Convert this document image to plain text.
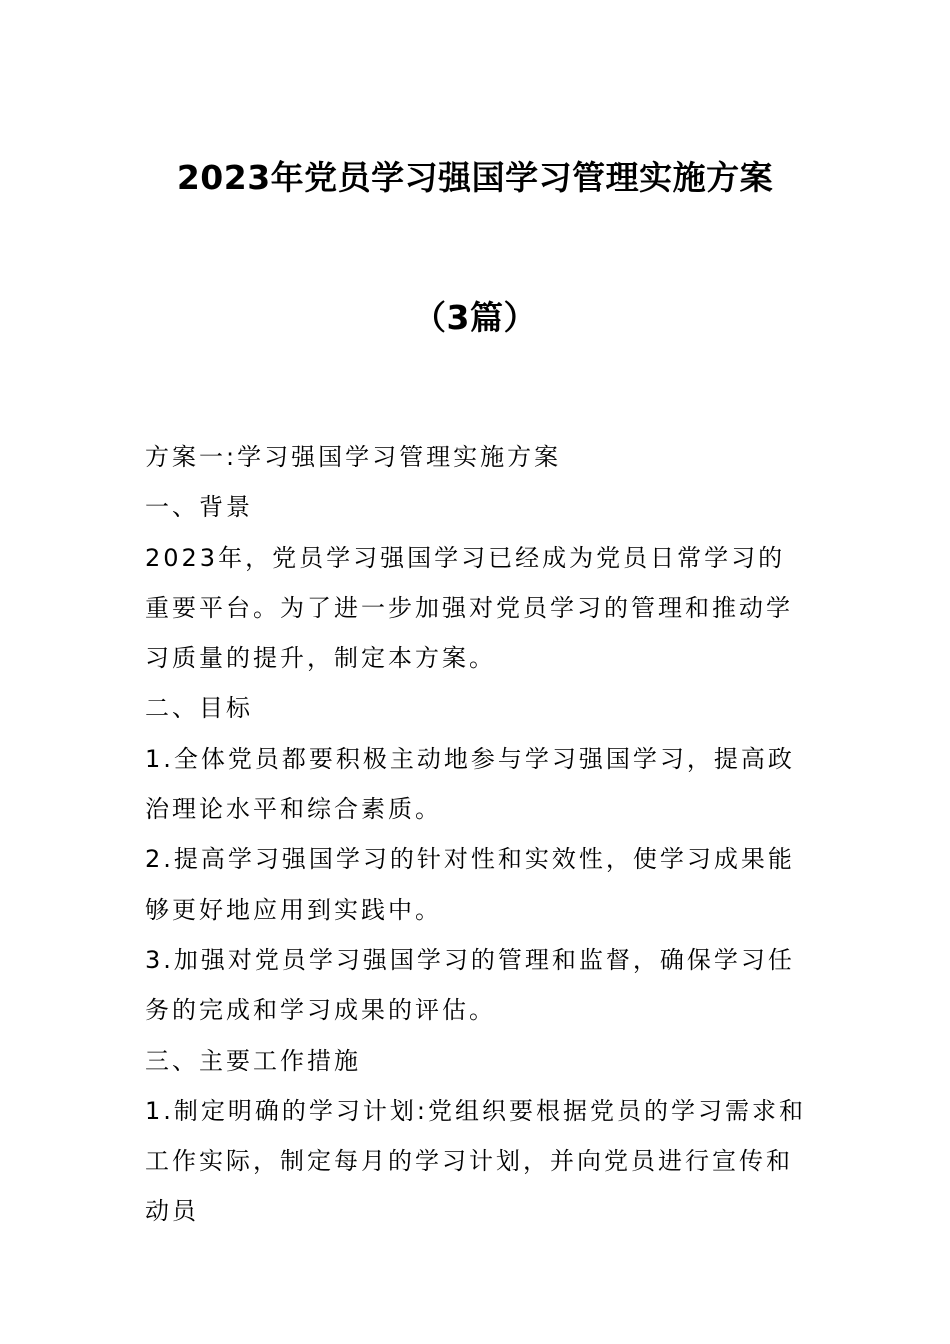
2023年党员学习强国学习管理实施方案
（3篇）

方案一:学习强国学习管理实施方案

一、背景

2023年，党员学习强国学习已经成为党员日常学习的重要平台。为了进一步加强对党员学习的管理和推动学习质量的提升，制定本方案。

二、目标

1.全体党员都要积极主动地参与学习强国学习，提高政治理论水平和综合素质。

2.提高学习强国学习的针对性和实效性，使学习成果能够更好地应用到实践中。

3.加强对党员学习强国学习的管理和监督，确保学习任务的完成和学习成果的评估。

三、主要工作措施

1.制定明确的学习计划:党组织要根据党员的学习需求和工作实际，制定每月的学习计划，并向党员进行宣传和动员
